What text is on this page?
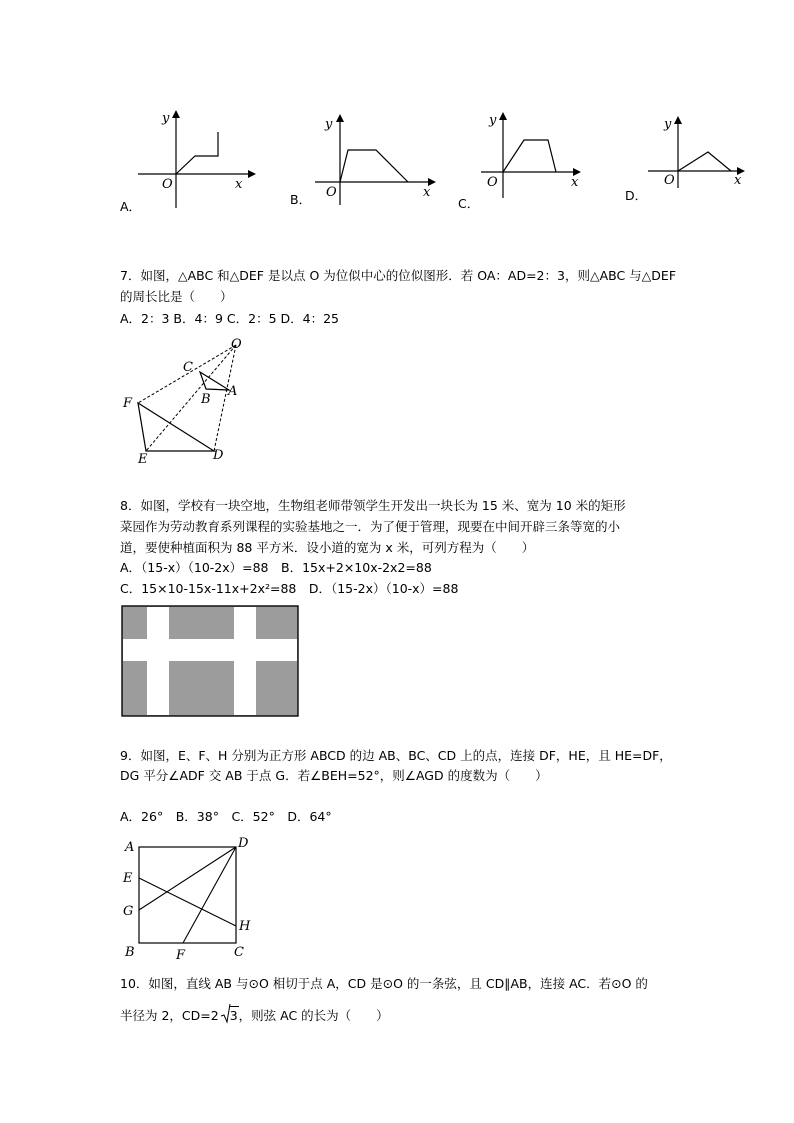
y
x
O
A．
y
x
O
B．
y
x
O
C．
y
x
O
D．
7．如图，△ABC 和△DEF 是以点 O 为位似中心的位似图形．若 OA：AD=2：3，则△ABC 与△DEF
的周长比是（　　）
A．2：3 B．4：9 C．2：5 D．4：25
O
C
B
A
F
E	D
8．如图，学校有一块空地，生物组老师带领学生开发出一块长为 15 米、宽为 10 米的矩形
菜园作为劳动教育系列课程的实验基地之一．为了便于管理，现要在中间开辟三条等宽的小
道，要使种植面积为 88 平方米．设小道的宽为 x 米，可列方程为（　　）
A．（15-x）（10-2x）=88　B．15x+2×10x-2x2=88
C．15×10-15x-11x+2x²=88　D．（15-2x）（10-x）=88
9．如图，E、F、H 分别为正方形 ABCD 的边 AB、BC、CD 上的点，连接 DF，HE，且 HE=DF，
DG 平分∠ADF 交 AB 于点 G．若∠BEH=52°，则∠AGD 的度数为（　　）
A．26°　B．38°　C．52°　D．64°
A	D
E
G
H
B	F	C
10．如图，直线 AB 与⊙O 相切于点 A，CD 是⊙O 的一条弦，且 CD∥AB，连接 AC．若⊙O 的
半径为 2，CD=2 3，则弦 AC 的长为（　　）
